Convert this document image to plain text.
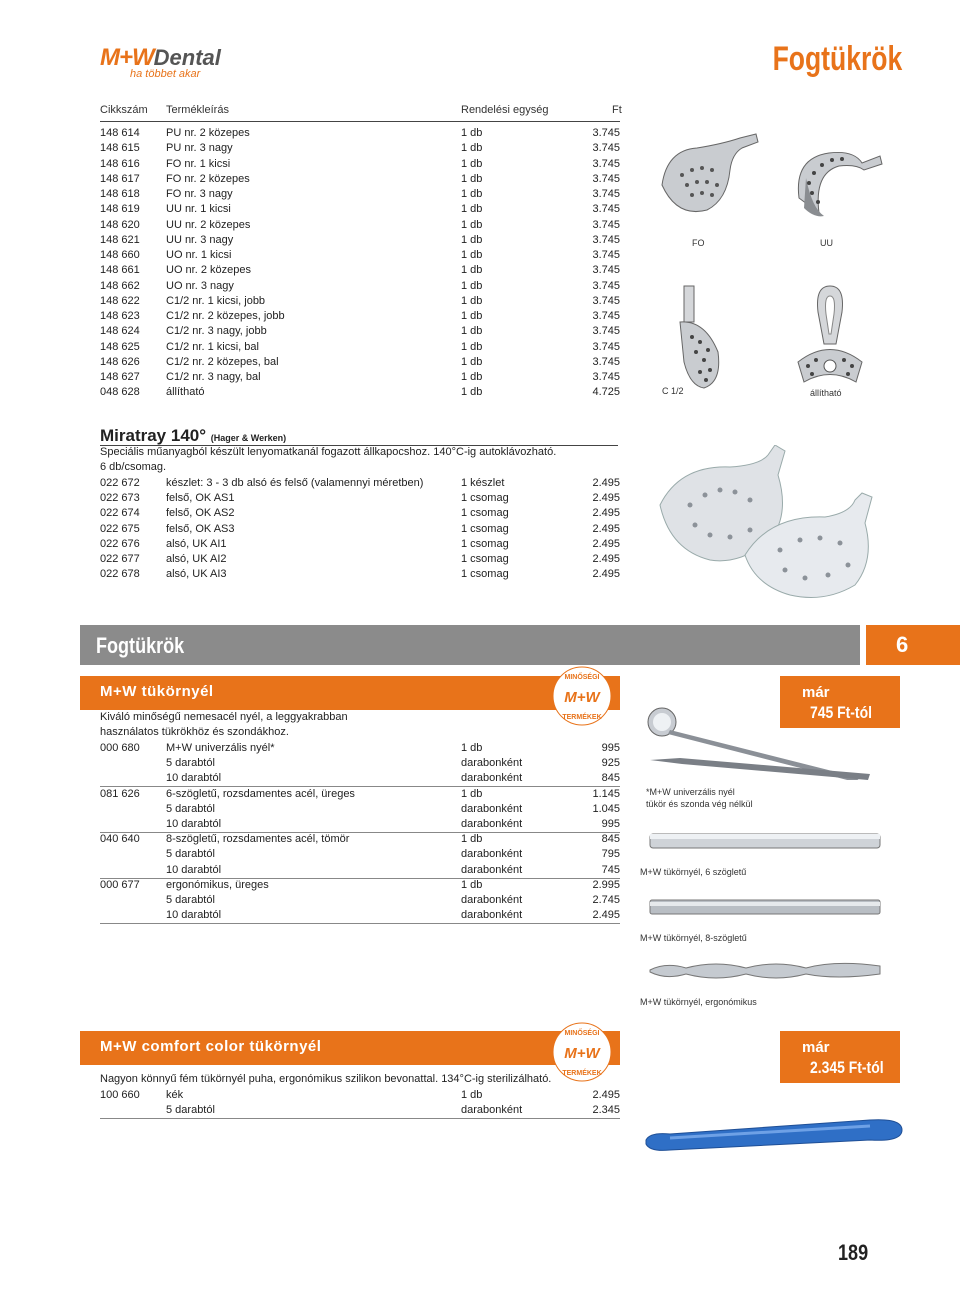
M+WDental
ha többet akar	Fogtükrök
Cikkszám Termékleírás	Rendelési egység	Ft
148 614 PU nr. 2 közepes	1 db	3.745
148 615 PU nr. 3 nagy	1 db	3.745
148 616 FO nr. 1 kicsi	1 db	3.745
148 617 FO nr. 2 közepes	1 db	3.745
148 618 FO nr. 3 nagy	1 db	3.745
148 619 UU nr. 1 kicsi	1 db	3.745
148 620 UU nr. 2 közepes	1 db	3.745
148 621 UU nr. 3 nagy	1 db	3.745
148 660 UO nr. 1 kicsi	1 db	3.745
148 661 UO nr. 2 közepes	1 db	3.745
148 662 UO nr. 3 nagy	1 db	3.745
148 622 C1/2 nr. 1 kicsi, jobb	1 db	3.745
148 623 C1/2 nr. 2 közepes, jobb	1 db	3.745
148 624 C1/2 nr. 3 nagy, jobb	1 db	3.745
148 625 C1/2 nr. 1 kicsi, bal	1 db	3.745
148 626 C1/2 nr. 2 közepes, bal	1 db	3.745
148 627 C1/2 nr. 3 nagy, bal	1 db	3.745
048 628 állítható	1 db	4.725
FO	UU
C 1/2	állítható
Miratray 140° (Hager & Werken)
Speciális műanyagból készült lenyomatkanál fogazott állkapocshoz. 140°C-ig autoklávozható.
6 db/csomag.
022 672 készlet: 3 - 3 db alsó és felső (valamennyi méretben)	1 készlet	2.495
022 673 felső, OK AS1	1 csomag	2.495
022 674 felső, OK AS2	1 csomag	2.495
022 675 felső, OK AS3	1 csomag	2.495
022 676 alsó, UK AI1	1 csomag	2.495
022 677 alsó, UK AI2	1 csomag	2.495
022 678 alsó, UK AI3	1 csomag	2.495
Fogtükrök	6
M+W tükörnyél	már
745 Ft-tól
MINŐSÉGI
M+W
TERMÉKEK
Kiváló minőségű nemesacél nyél, a leggyakrabban
használatos tükrökhöz és szondákhoz.
000 680 M+W univerzális nyél*	1 db	995
5 darabtól	darabonként	925
10 darabtól	darabonként	845
081 626 6-szögletű, rozsdamentes acél, üreges	1 db	1.145
5 darabtól	darabonként	1.045
10 darabtól	darabonként	995
040 640 8-szögletű, rozsdamentes acél, tömör	1 db	845
5 darabtól	darabonként	795
10 darabtól	darabonként	745
000 677 ergonómikus, üreges	1 db	2.995
5 darabtól	darabonként	2.745
10 darabtól	darabonként	2.495
*M+W univerzális nyél
tükör és szonda vég nélkül
M+W tükörnyél, 6 szögletű
M+W tükörnyél, 8-szögletű
M+W tükörnyél, ergonómikus
M+W comfort color tükörnyél	már
2.345 Ft-tól
MINŐSÉGI
M+W
TERMÉKEK
Nagyon könnyű fém tükörnyél puha, ergonómikus szilikon bevonattal. 134°C-ig sterilizálható.
100 660 kék	1 db	2.495
5 darabtól	darabonként	2.345
189
